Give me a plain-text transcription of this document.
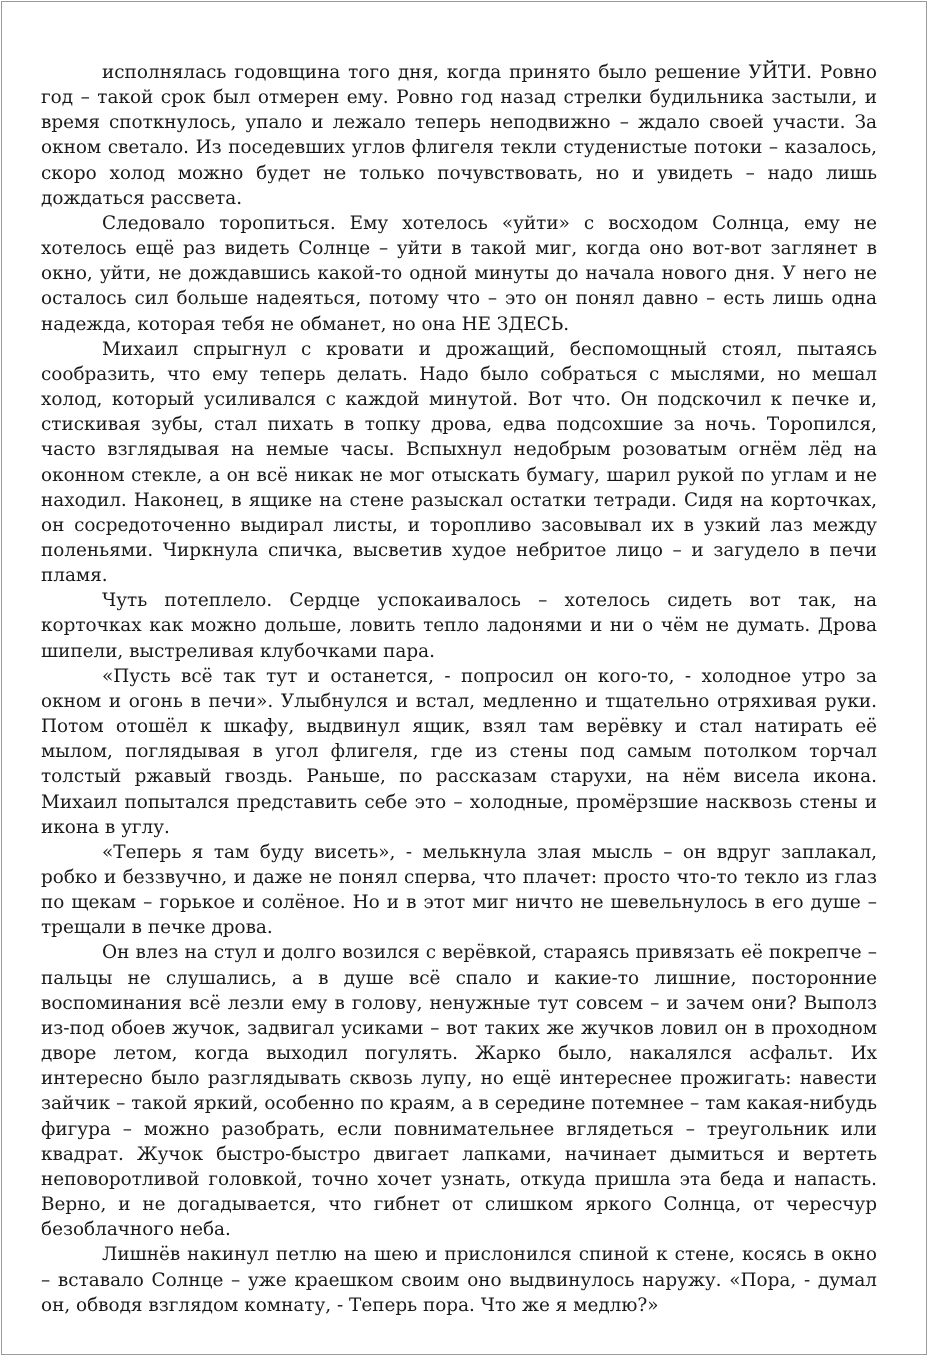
исполнялась годовщина того дня, когда принято было решение УЙТИ. Ровно год – такой срок был отмерен ему. Ровно год назад стрелки будильника застыли, и время споткнулось, упало и лежало теперь неподвижно – ждало своей участи. За окном светало. Из поседевших углов флигеля текли студенистые потоки – казалось, скоро холод можно будет не только почувствовать, но и увидеть – надо лишь дождаться рассвета.

Следовало торопиться. Ему хотелось «уйти» с восходом Солнца, ему не хотелось ещё раз видеть Солнце – уйти в такой миг, когда оно вот-вот заглянет в окно, уйти, не дождавшись какой-то одной минуты до начала нового дня. У него не осталось сил больше надеяться, потому что – это он понял давно – есть лишь одна надежда, которая тебя не обманет, но она НЕ ЗДЕСЬ.

Михаил спрыгнул с кровати и дрожащий, беспомощный стоял, пытаясь сообразить, что ему теперь делать. Надо было собраться с мыслями, но мешал холод, который усиливался с каждой минутой. Вот что. Он подскочил к печке и, стискивая зубы, стал пихать в топку дрова, едва подсохшие за ночь. Торопился, часто взглядывая на немые часы. Вспыхнул недобрым розоватым огнём лёд на оконном стекле, а он всё никак не мог отыскать бумагу, шарил рукой по углам и не находил. Наконец, в ящике на стене разыскал остатки тетради. Сидя на корточках, он сосредоточенно выдирал листы, и торопливо засовывал их в узкий лаз между поленьями. Чиркнула спичка, высветив худое небритое лицо – и загудело в печи пламя.

Чуть потеплело. Сердце успокаивалось – хотелось сидеть вот так, на корточках как можно дольше, ловить тепло ладонями и ни о чём не думать. Дрова шипели, выстреливая клубочками пара.

«Пусть всё так тут и останется, - попросил он кого-то, - холодное утро за окном и огонь в печи». Улыбнулся и встал, медленно и тщательно отряхивая руки. Потом отошёл к шкафу, выдвинул ящик, взял там верёвку и стал натирать её мылом, поглядывая в угол флигеля, где из стены под самым потолком торчал толстый ржавый гвоздь. Раньше, по рассказам старухи, на нём висела икона. Михаил попытался представить себе это – холодные, промёрзшие насквозь стены и икона в углу.

«Теперь я там буду висеть», - мелькнула злая мысль – он вдруг заплакал, робко и беззвучно, и даже не понял сперва, что плачет: просто что-то текло из глаз по щекам – горькое и солёное. Но и в этот миг ничто не шевельнулось в его душе – трещали в печке дрова.

Он влез на стул и долго возился с верёвкой, стараясь привязать её покрепче – пальцы не слушались, а в душе всё спало и какие-то лишние, посторонние воспоминания всё лезли ему в голову, ненужные тут совсем – и зачем они? Выполз из-под обоев жучок, задвигал усиками – вот таких же жучков ловил он в проходном дворе летом, когда выходил погулять. Жарко было, накалялся асфальт. Их интересно было разглядывать сквозь лупу, но ещё интереснее прожигать: навести зайчик – такой яркий, особенно по краям, а в середине потемнее – там какая-нибудь фигура – можно разобрать, если повнимательнее вглядеться – треугольник или квадрат. Жучок быстро-быстро двигает лапками, начинает дымиться и вертеть неповоротливой головкой, точно хочет узнать, откуда пришла эта беда и напасть. Верно, и не догадывается, что гибнет от слишком яркого Солнца, от чересчур безоблачного неба.

Лишнёв накинул петлю на шею и прислонился спиной к стене, косясь в окно – вставало Солнце – уже краешком своим оно выдвинулось наружу. «Пора, - думал он, обводя взглядом комнату, - Теперь пора. Что же я медлю?»
